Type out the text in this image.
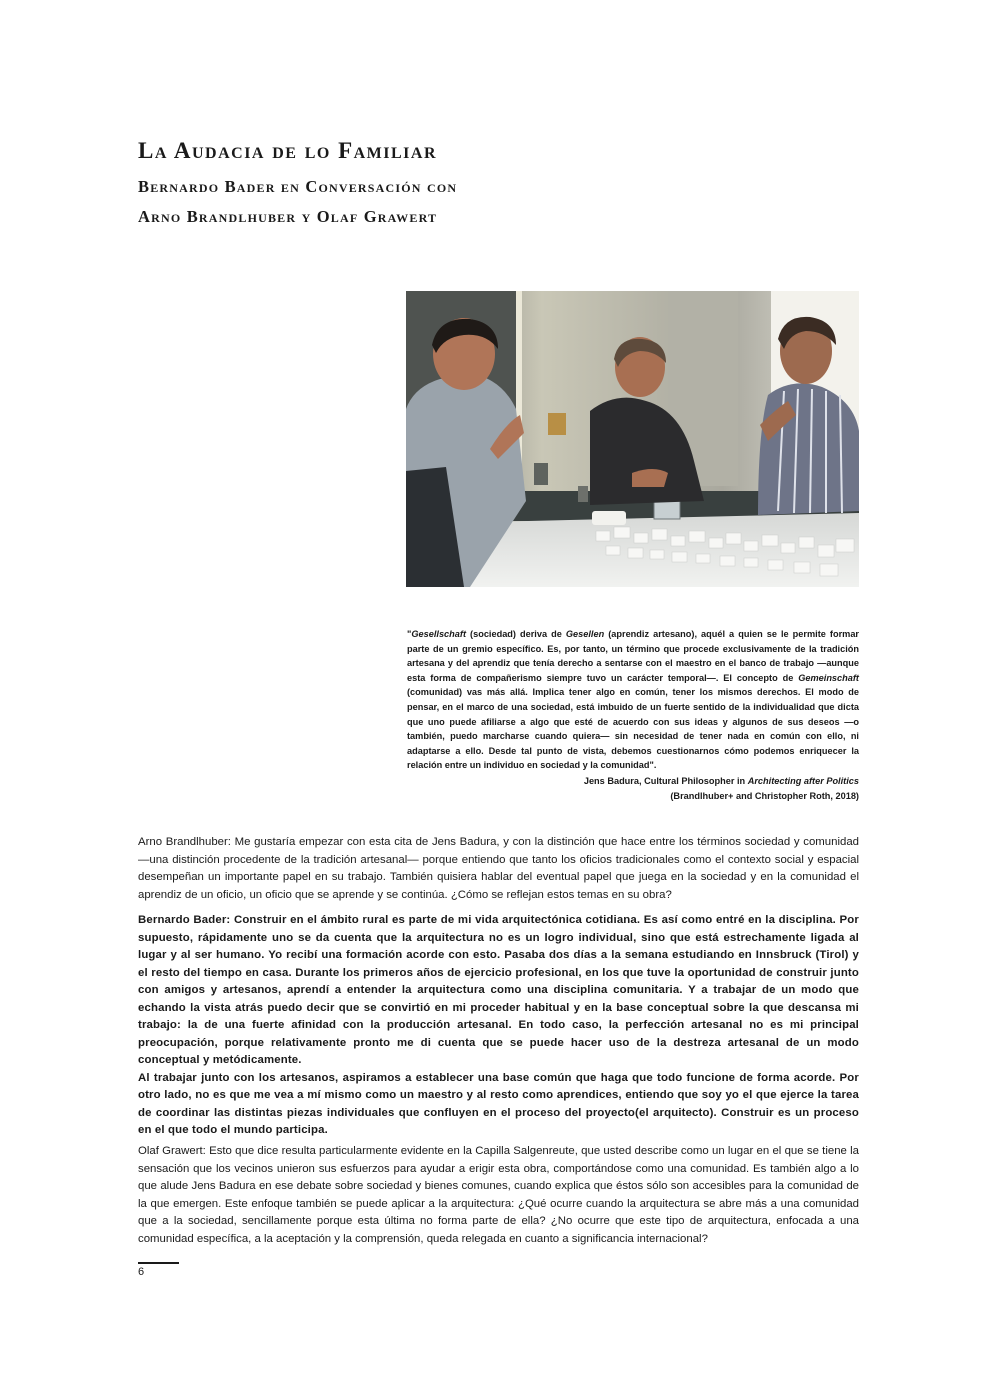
La Audacia de lo Familiar
Bernardo Bader en Conversación con
Arno Brandlhuber y Olaf Grawert

"Gesellschaft (sociedad) deriva de Gesellen (aprendiz artesano), aquél a quien se le permite formar parte de un gremio específico. Es, por tanto, un término que procede exclusivamente de la tradición artesana y del aprendiz que tenía derecho a sentarse con el maestro en el banco de trabajo —aunque esta forma de compañerismo siempre tuvo un carácter temporal—. El concepto de Gemeinschaft (comunidad) vas más allá. Implica tener algo en común, tener los mismos derechos. El modo de pensar, en el marco de una sociedad, está imbuido de un fuerte sentido de la individualidad que dicta que uno puede afiliarse a algo que esté de acuerdo con sus ideas y algunos de sus deseos —o también, puedo marcharse cuando quiera— sin necesidad de tener nada en común con ello, ni adaptarse a ello. Desde tal punto de vista, debemos cuestionarnos cómo podemos enriquecer la relación entre un individuo en sociedad y la comunidad".

Jens Badura, Cultural Philosopher in Architecting after Politics
(Brandlhuber+ and Christopher Roth, 2018)

Arno Brandlhuber: Me gustaría empezar con esta cita de Jens Badura, y con la distinción que hace entre los términos sociedad y comunidad —una distinción procedente de la tradición artesanal— porque entiendo que tanto los oficios tradicionales como el contexto social y espacial desempeñan un importante papel en su trabajo. También quisiera hablar del eventual papel que juega en la sociedad y en la comunidad el aprendiz de un oficio, un oficio que se aprende y se continúa. ¿Cómo se reflejan estos temas en su obra?

Bernardo Bader: Construir en el ámbito rural es parte de mi vida arquitectónica cotidiana. Es así como entré en la disciplina. Por supuesto, rápidamente uno se da cuenta que la arquitectura no es un logro individual, sino que está estrechamente ligada al lugar y al ser humano. Yo recibí una formación acorde con esto. Pasaba dos días a la semana estudiando en Innsbruck (Tirol) y el resto del tiempo en casa. Durante los primeros años de ejercicio profesional, en los que tuve la oportunidad de construir junto con amigos y artesanos, aprendí a entender la arquitectura como una disciplina comunitaria. Y a trabajar de un modo que echando la vista atrás puedo decir que se convirtió en mi proceder habitual y en la base conceptual sobre la que descansa mi trabajo: la de una fuerte afinidad con la producción artesanal. En todo caso, la perfección artesanal no es mi principal preocupación, porque relativamente pronto me di cuenta que se puede hacer uso de la destreza artesanal de un modo conceptual y metódicamente.
Al trabajar junto con los artesanos, aspiramos a establecer una base común que haga que todo funcione de forma acorde. Por otro lado, no es que me vea a mí mismo como un maestro y al resto como aprendices, entiendo que soy yo el que ejerce la tarea de coordinar las distintas piezas individuales que confluyen en el proceso del proyecto(el arquitecto). Construir es un proceso en el que todo el mundo participa.

Olaf Grawert: Esto que dice resulta particularmente evidente en la Capilla Salgenreute, que usted describe como un lugar en el que se tiene la sensación que los vecinos unieron sus esfuerzos para ayudar a erigir esta obra, comportándose como una comunidad. Es también algo a lo que alude Jens Badura en ese debate sobre sociedad y bienes comunes, cuando explica que éstos sólo son accesibles para la comunidad de la que emergen. Este enfoque también se puede aplicar a la arquitectura: ¿Qué ocurre cuando la arquitectura se abre más a una comunidad que a la sociedad, sencillamente porque esta última no forma parte de ella? ¿No ocurre que este tipo de arquitectura, enfocada a una comunidad específica, a la aceptación y la comprensión, queda relegada en cuanto a significancia internacional?

6
